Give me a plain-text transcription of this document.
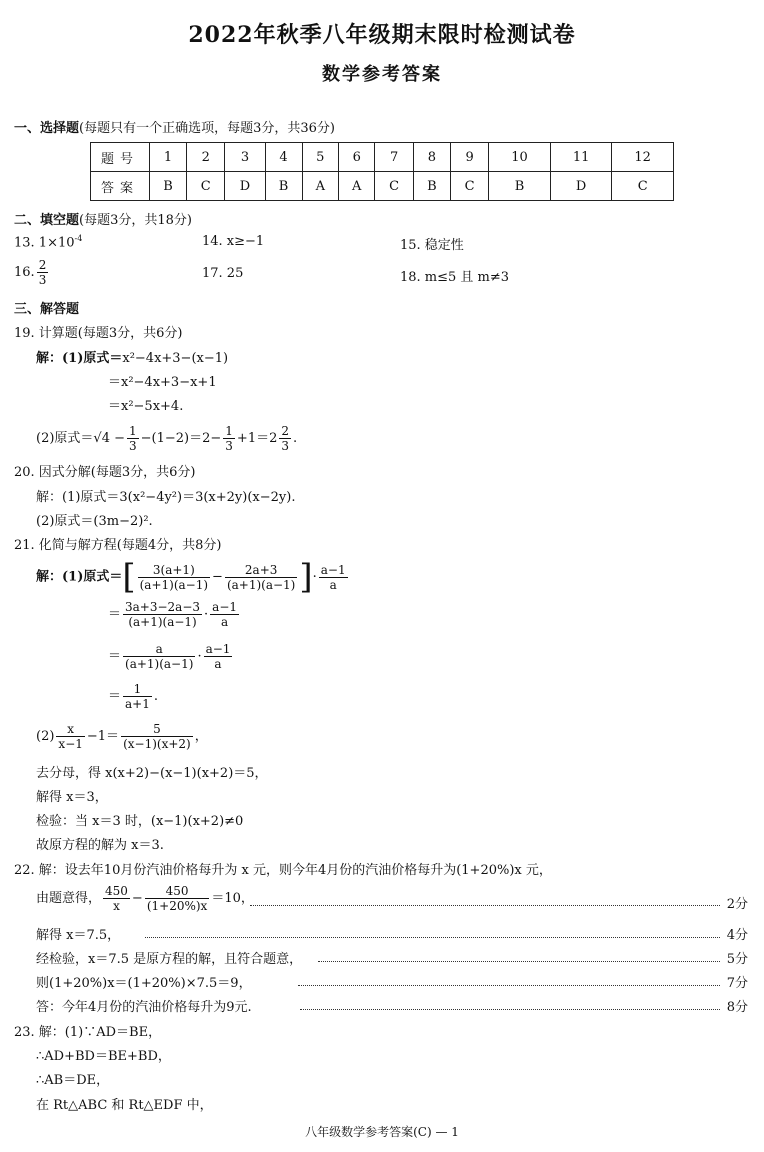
2022年秋季八年级期末限时检测试卷
数学参考答案
一、选择题(每题只有一个正确选项，每题3分，共36分)
题号	1	2	3	4	5	6	7	8	9	10	11	12
答案	B	C	D	B	A	A	C	B	C	B	D	C
二、填空题(每题3分，共18分)
13. $1\times 10^{-4}$	14. x≥−1	15. 稳定性
16. $\frac{2}{3}$	17. 25	18. m≤5 且 m≠3
三、解答题
19. 计算题(每题3分，共6分)
解：(1)原式＝x²−4x+3−(x−1)
＝x²−4x+3−x+1
＝x²−5x+4.
(2)原式$=√4 - \frac{1}{3} -(1-2)=2- \frac{1}{3} +1=2 \frac{2}{3}$ .
20. 因式分解(每题3分，共6分)
解：(1)原式＝3(x²−4y²)＝3(x+2y)(x−2y).
(2)原式＝(3m−2)².
21. 化简与解方程(每题4分，共8分)
解：(1)原式＝[ $\frac{3(a+1)}{(a+1)(a-1)} - \frac{2a+3}{(a+1)(a-1)}$ ]· $\frac{a-1}{a}$
＝ $\frac{3a+3-2a-3}{(a+1)(a-1)} \cdot \frac{a-1}{a}$
＝ $\frac{a}{(a+1)(a-1)} \cdot \frac{a-1}{a}$
＝ $\frac{1}{a+1}$ .
$(2) \frac{x}{x-1} -1= \frac{5}{(x-1)(x+2)}$ ，
去分母，得 x(x+2)−(x−1)(x+2)＝5，
解得 x＝3，
检验：当 x＝3 时，(x−1)(x+2)≠0
故原方程的解为 x＝3.
22. 解：设去年10月份汽油价格每升为 x 元，则今年4月份的汽油价格每升为(1+20%)x 元，
由题意得， $\frac{450}{x} - \frac{450}{(1+20\%)x} =10$，	2分
解得 x＝7.5，	4分
经检验，x＝7.5 是原方程的解，且符合题意，	5分
则(1+20%)x＝(1+20%)×7.5＝9，	7分
答：今年4月份的汽油价格每升为9元.	8分
23. 解：(1)∵AD＝BE，
∴AD+BD＝BE+BD，
∴AB＝DE，
在 Rt△ABC 和 Rt△EDF 中，
八年级数学参考答案(C) — 1
